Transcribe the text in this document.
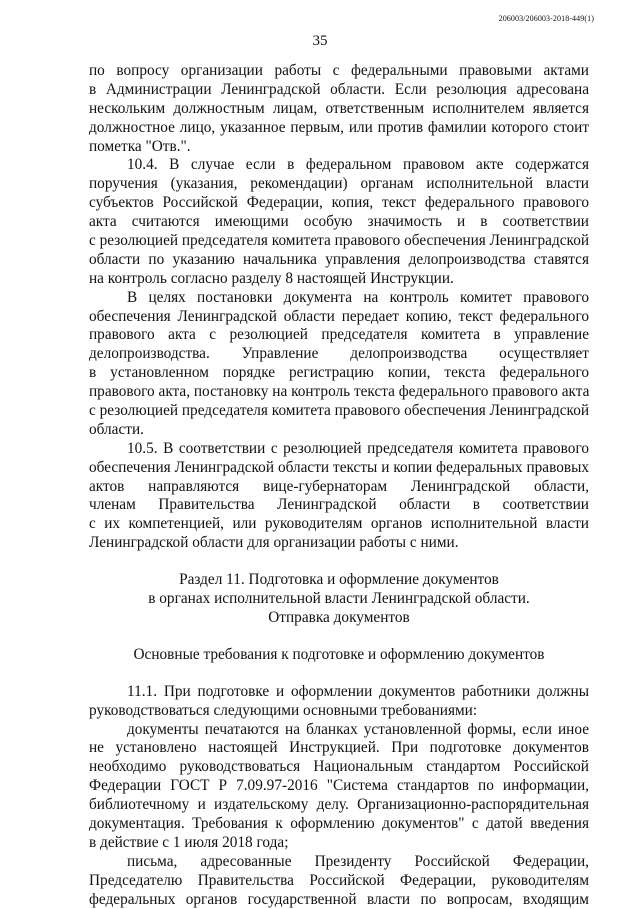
206003/206003-2018-449(1)
35
по вопросу организации работы с федеральными правовыми актами
в Администрации Ленинградской области. Если резолюция адресована
нескольким должностным лицам, ответственным исполнителем является
должностное лицо, указанное первым, или против фамилии которого стоит
пометка "Отв.".
10.4. В случае если в федеральном правовом акте содержатся
поручения (указания, рекомендации) органам исполнительной власти
субъектов Российской Федерации, копия, текст федерального правового
акта считаются имеющими особую значимость и в соответствии
с резолюцией председателя комитета правового обеспечения Ленинградской
области по указанию начальника управления делопроизводства ставятся
на контроль согласно разделу 8 настоящей Инструкции.
В целях постановки документа на контроль комитет правового
обеспечения Ленинградской области передает копию, текст федерального
правового акта с резолюцией председателя комитета в управление
делопроизводства. Управление делопроизводства осуществляет
в установленном порядке регистрацию копии, текста федерального
правового акта, постановку на контроль текста федерального правового акта
с резолюцией председателя комитета правового обеспечения Ленинградской
области.
10.5. В соответствии с резолюцией председателя комитета правового
обеспечения Ленинградской области тексты и копии федеральных правовых
актов направляются вице-губернаторам Ленинградской области,
членам Правительства Ленинградской области в соответствии
с их компетенцией, или руководителям органов исполнительной власти
Ленинградской области для организации работы с ними.
Раздел 11. Подготовка и оформление документов
в органах исполнительной власти Ленинградской области.
Отправка документов
Основные требования к подготовке и оформлению документов
11.1. При подготовке и оформлении документов работники должны
руководствоваться следующими основными требованиями:
документы печатаются на бланках установленной формы, если иное
не установлено настоящей Инструкцией. При подготовке документов
необходимо руководствоваться Национальным стандартом Российской
Федерации ГОСТ Р 7.09.97-2016 "Система стандартов по информации,
библиотечному и издательскому делу. Организационно-распорядительная
документация. Требования к оформлению документов" с датой введения
в действие с 1 июля 2018 года;
письма, адресованные Президенту Российской Федерации,
Председателю Правительства Российской Федерации, руководителям
федеральных органов государственной власти по вопросам, входящим
